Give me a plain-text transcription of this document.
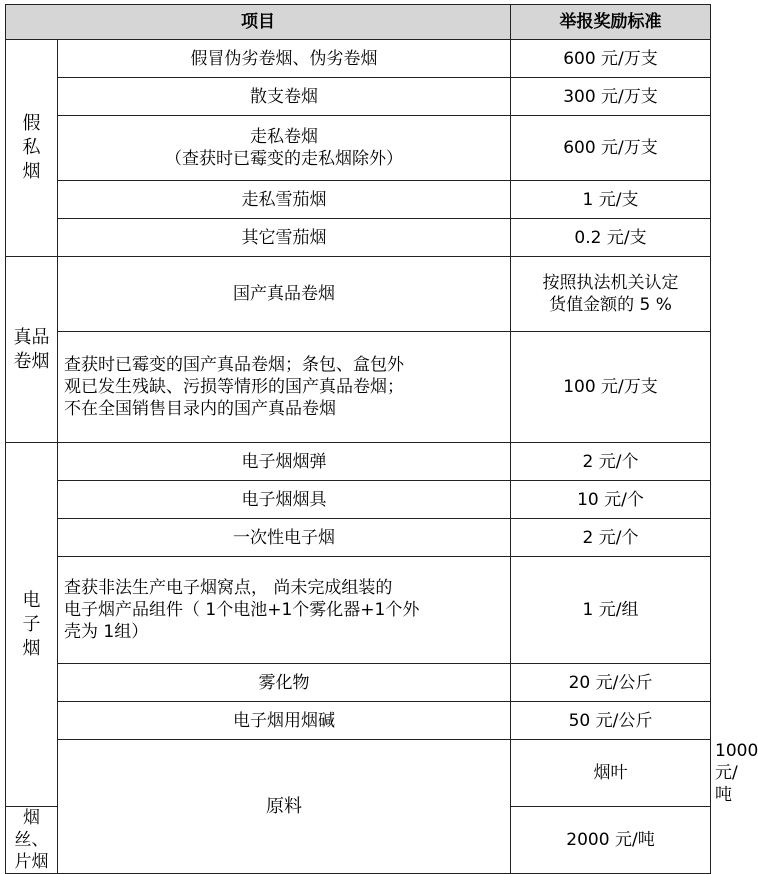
项目		举报奖励标准	
假
私
烟	假冒伪劣卷烟、伪劣卷烟	600 元/万支	
	散支卷烟	300 元/万支	
	走私卷烟
（查获时已霉变的走私烟除外）	600 元/万支	
	走私雪茄烟	1 元/支	
	其它雪茄烟	0.2 元/支	
真品
卷烟	国产真品卷烟	按照执法机关认定
货值金额的 5 %	
	查获时已霉变的国产真品卷烟；条包、盒包外
观已发生残缺、污损等情形的国产真品卷烟；
不在全国销售目录内的国产真品卷烟	100 元/万支	
电
子
烟	电子烟烟弹	2 元/个	
	电子烟烟具	10 元/个	
	一次性电子烟	2 元/个	
	查获非法生产电子烟窝点， 尚未完成组装的
电子烟产品组件（ 1个电池+1个雾化器+1个外
壳为 1组）	1 元/组	
	雾化物	20 元/公斤	
	电子烟用烟碱	50 元/公斤	
	原料	烟叶	1000 元/吨
烟丝、片烟		2000 元/吨	
